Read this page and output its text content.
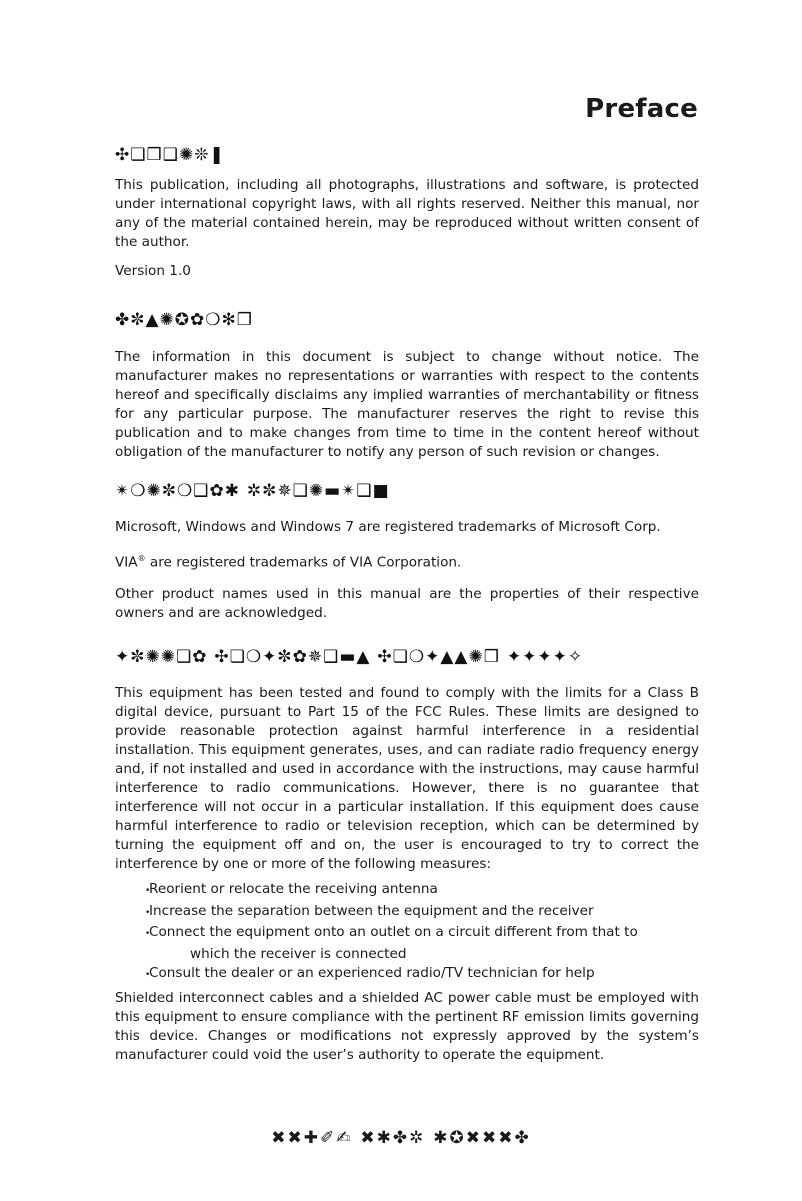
Preface
✣❏❒❑✺❊❚

This publication, including all photographs, illustrations and software, is protected under international copyright laws, with all rights reserved. Neither this manual, nor any of the material contained herein, may be reproduced without written consent of the author.

Version 1.0

✤✼▲✺✪✿❍✻❒

The information in this document is subject to change without notice. The manufacturer makes no representations or warranties with respect to the contents hereof and specifically disclaims any implied warranties of merchantability or fitness for any particular purpose. The manufacturer reserves the right to revise this publication and to make changes from time to time in the content hereof without obligation of the manufacturer to notify any person of such revision or changes.

✴❍✺✼❍❑✿✱ ✲✼✵❏✺▬✴❑■

Microsoft, Windows and Windows 7 are registered trademarks of Microsoft Corp.

VIA® are registered trademarks of VIA Corporation.

Other product names used in this manual are the properties of their respective owners and are acknowledged.

✦✼✺✺❏✿ ✣❏❍✦✼✿✵❑▬▲ ✣❏❍✦▲▲✺❒ ✦✦✦✦✧

This equipment has been tested and found to comply with the limits for a Class B digital device, pursuant to Part 15 of the FCC Rules. These limits are designed to provide reasonable protection against harmful interference in a residential installation. This equipment generates, uses, and can radiate radio frequency energy and, if not installed and used in accordance with the instructions, may cause harmful interference to radio communications. However, there is no guarantee that interference will not occur in a particular installation. If this equipment does cause harmful interference to radio or television reception, which can be determined by turning the equipment off and on, the user is encouraged to try to correct the interference by one or more of the following measures:

•Reorient or relocate the receiving antenna
•Increase the separation between the equipment and the receiver
•Connect the equipment onto an outlet on a circuit different from that to
which the receiver is connected
•Consult the dealer or an experienced radio/TV technician for help

Shielded interconnect cables and a shielded AC power cable must be employed with this equipment to ensure compliance with the pertinent RF emission limits governing this device. Changes or modifications not expressly approved by the system’s manufacturer could void the user’s authority to operate the equipment.

✖✖✚✐✍ ✖✱✤✲ ✱✪✖✖✖✤
